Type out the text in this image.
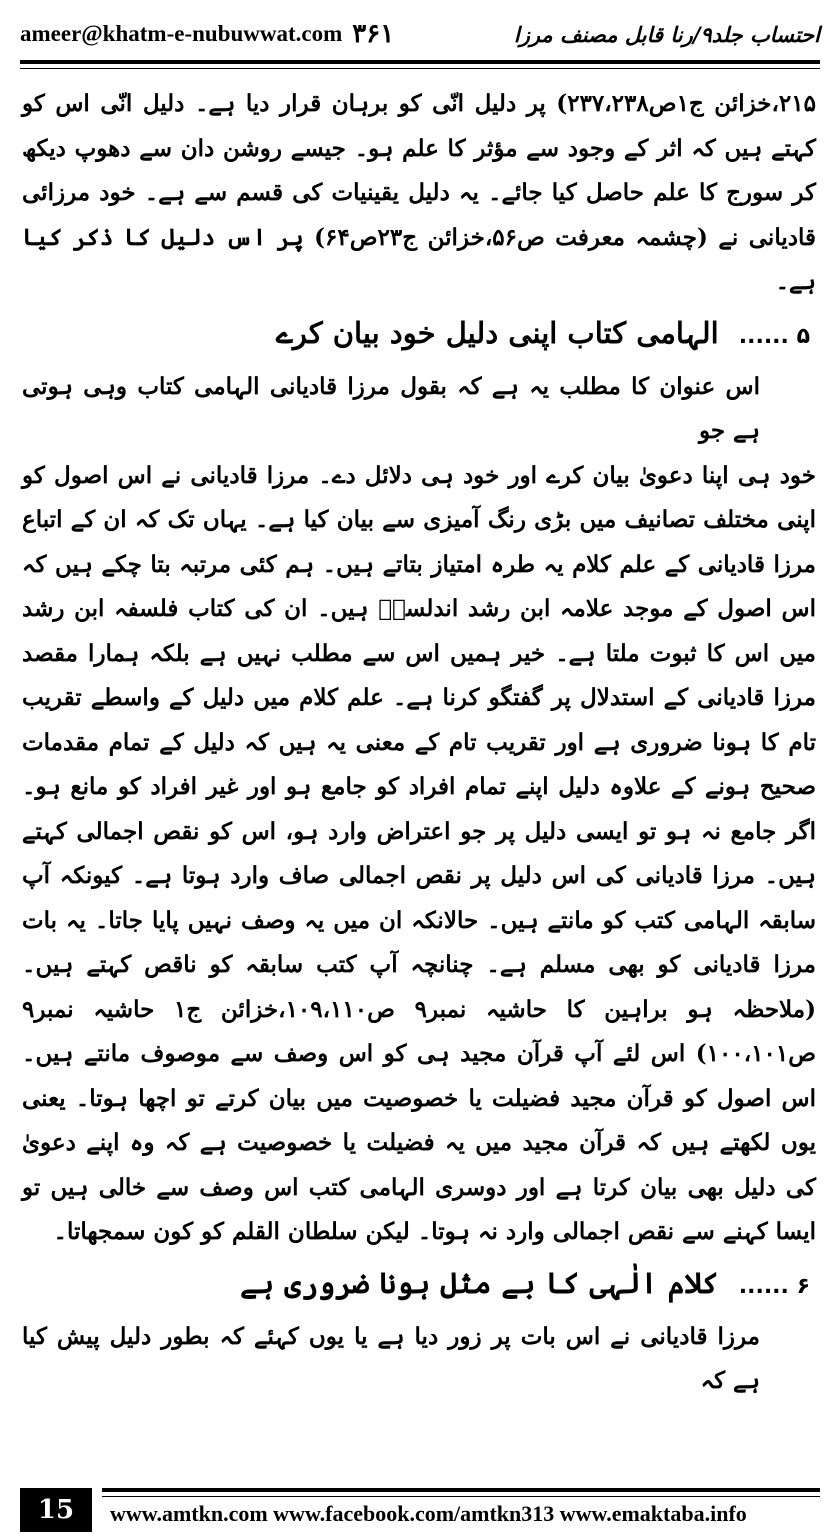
ameer@khatm-e-nubuwwat.com ۳۶۱	احتساب جلد۹/رنا قابل مصنف مرزا

۲۱۵،خزائن ج۱ص۲۳۷،۲۳۸) پر دلیل انّی کو برہان قرار دیا ہے۔ دلیل انّی اس کو کہتے ہیں کہ اثر کے وجود سے مؤثر کا علم ہو۔ جیسے روشن دان سے دھوپ دیکھ کر سورج کا علم حاصل کیا جائے۔ یہ دلیل یقینیات کی قسم سے ہے۔ خود مرزائی قادیانی نے (چشمہ معرفت ص۵۶،خزائن ج۲۳ص۶۴) پر اس دلیل کا ذکر کیا ہے۔

۵ ...... الہامی کتاب اپنی دلیل خود بیان کرے

اس عنوان کا مطلب یہ ہے کہ بقول مرزا قادیانی الہامی کتاب وہی ہوتی ہے جو

خود ہی اپنا دعویٰ بیان کرے اور خود ہی دلائل دے۔ مرزا قادیانی نے اس اصول کو اپنی مختلف تصانیف میں بڑی رنگ آمیزی سے بیان کیا ہے۔ یہاں تک کہ ان کے اتباع مرزا قادیانی کے علم کلام یہ طرہ امتیاز بتاتے ہیں۔ ہم کئی مرتبہ بتا چکے ہیں کہ اس اصول کے موجد علامہ ابن رشد اندلسیؒ ہیں۔ ان کی کتاب فلسفہ ابن رشد میں اس کا ثبوت ملتا ہے۔ خیر ہمیں اس سے مطلب نہیں ہے بلکہ ہمارا مقصد مرزا قادیانی کے استدلال پر گفتگو کرنا ہے۔ علم کلام میں دلیل کے واسطے تقریب تام کا ہونا ضروری ہے اور تقریب تام کے معنی یہ ہیں کہ دلیل کے تمام مقدمات صحیح ہونے کے علاوہ دلیل اپنے تمام افراد کو جامع ہو اور غیر افراد کو مانع ہو۔ اگر جامع نہ ہو تو ایسی دلیل پر جو اعتراض وارد ہو، اس کو نقص اجمالی کہتے ہیں۔ مرزا قادیانی کی اس دلیل پر نقص اجمالی صاف وارد ہوتا ہے۔ کیونکہ آپ سابقہ الہامی کتب کو مانتے ہیں۔ حالانکہ ان میں یہ وصف نہیں پایا جاتا۔ یہ بات مرزا قادیانی کو بھی مسلم ہے۔ چنانچہ آپ کتب سابقہ کو ناقص کہتے ہیں۔ (ملاحظہ ہو براہین کا حاشیہ نمبر۹ ص۱۰۹،۱۱۰،خزائن ج۱ حاشیہ نمبر۹ ص۱۰۰،۱۰۱) اس لئے آپ قرآن مجید ہی کو اس وصف سے موصوف مانتے ہیں۔ اس اصول کو قرآن مجید فضیلت یا خصوصیت میں بیان کرتے تو اچھا ہوتا۔ یعنی یوں لکھتے ہیں کہ قرآن مجید میں یہ فضیلت یا خصوصیت ہے کہ وہ اپنے دعویٰ کی دلیل بھی بیان کرتا ہے اور دوسری الہامی کتب اس وصف سے خالی ہیں تو ایسا کہنے سے نقص اجمالی وارد نہ ہوتا۔ لیکن سلطان القلم کو کون سمجھاتا۔

۶ ...... کلام الٰہی کا بے مثل ہونا ضروری ہے

مرزا قادیانی نے اس بات پر زور دیا ہے یا یوں کہئے کہ بطور دلیل پیش کیا ہے کہ

15	www.amtkn.com www.facebook.com/amtkn313 www.emaktaba.info
